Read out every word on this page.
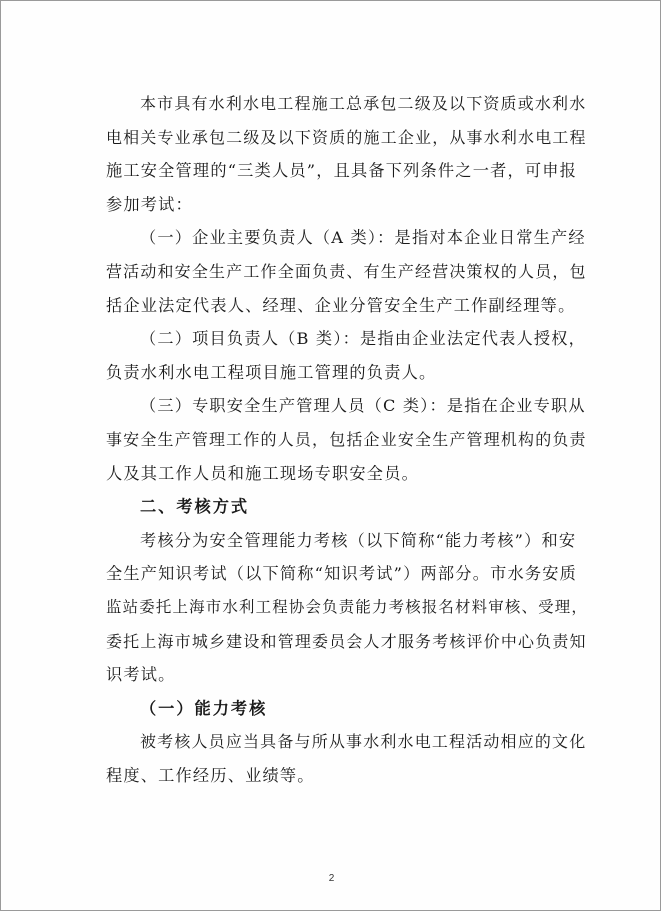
本市具有水利水电工程施工总承包二级及以下资质或水利水
电相关专业承包二级及以下资质的施工企业，从事水利水电工程
施工安全管理的“三类人员”，且具备下列条件之一者，可申报
参加考试：
（一）企业主要负责人（A 类）：是指对本企业日常生产经
营活动和安全生产工作全面负责、有生产经营决策权的人员，包
括企业法定代表人、经理、企业分管安全生产工作副经理等。
（二）项目负责人（B 类）：是指由企业法定代表人授权，
负责水利水电工程项目施工管理的负责人。
（三）专职安全生产管理人员（C 类）：是指在企业专职从
事安全生产管理工作的人员，包括企业安全生产管理机构的负责
人及其工作人员和施工现场专职安全员。
二、考核方式
考核分为安全管理能力考核（以下简称“能力考核”）和安
全生产知识考试（以下简称“知识考试”）两部分。市水务安质
监站委托上海市水利工程协会负责能力考核报名材料审核、受理，
委托上海市城乡建设和管理委员会人才服务考核评价中心负责知
识考试。
（一）能力考核
被考核人员应当具备与所从事水利水电工程活动相应的文化
程度、工作经历、业绩等。
2
